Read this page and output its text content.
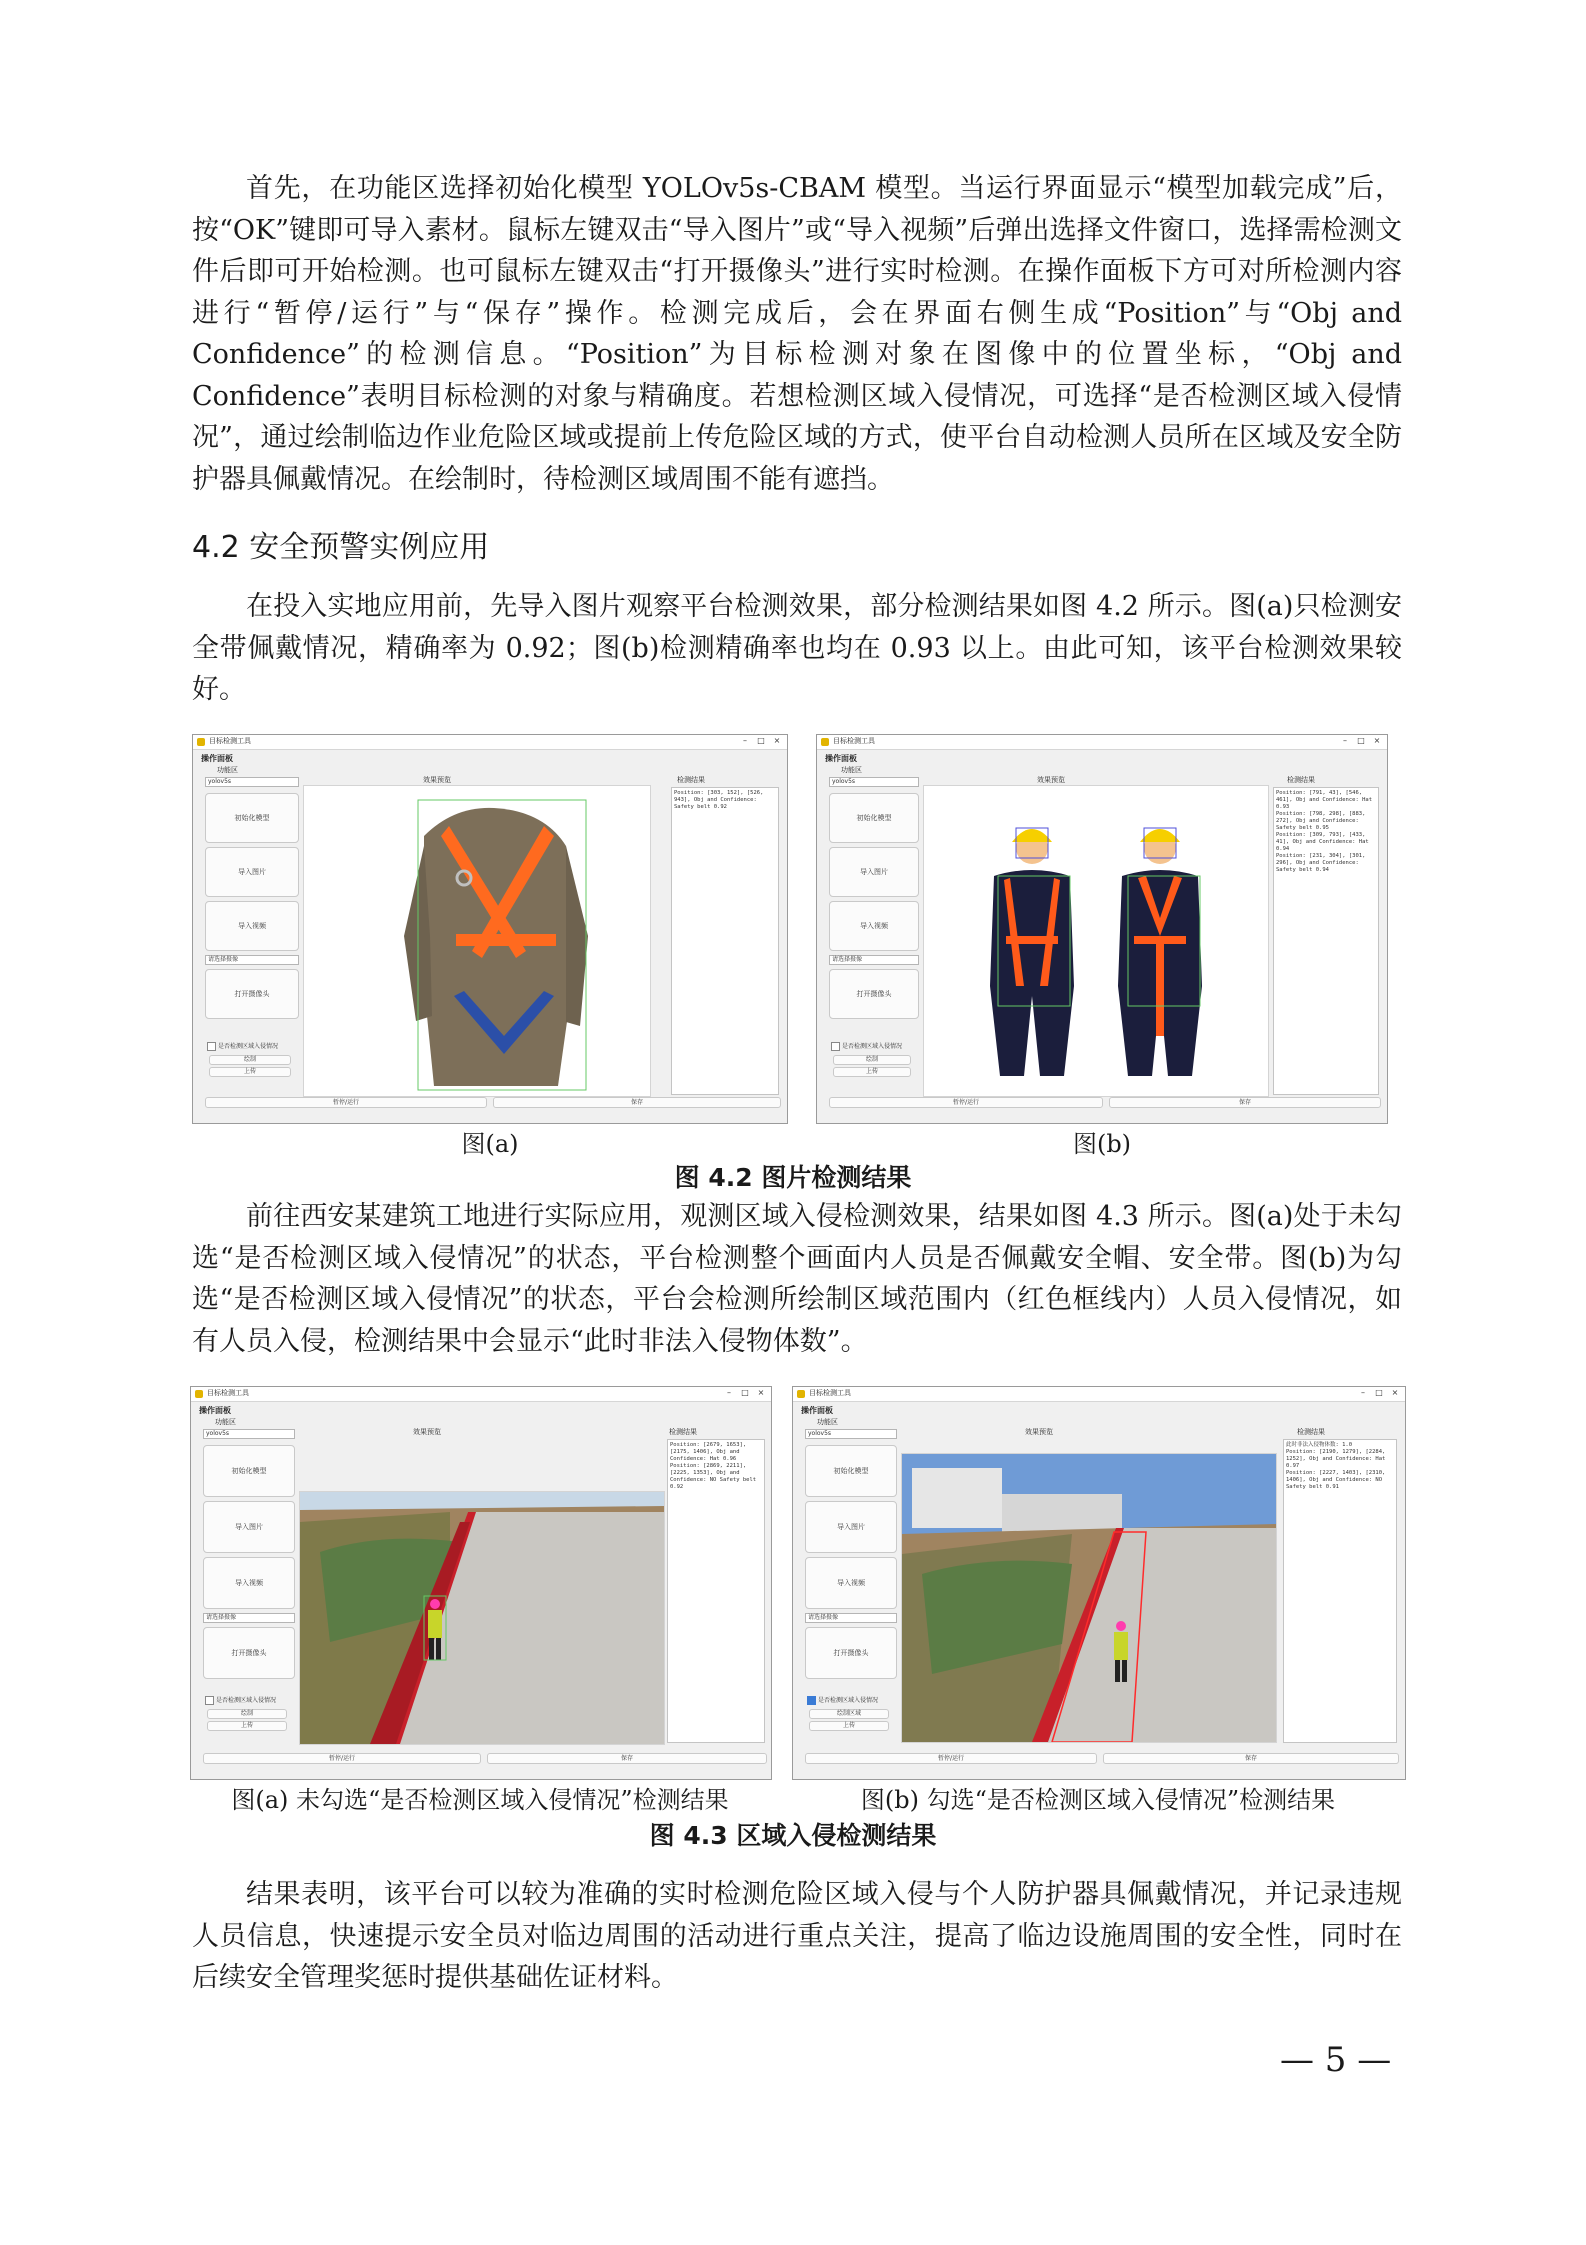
首先，在功能区选择初始化模型 YOLOv5s-CBAM 模型。当运行界面显示“模型加载完成”后，按“OK”键即可导入素材。鼠标左键双击“导入图片”或“导入视频”后弹出选择文件窗口，选择需检测文件后即可开始检测。也可鼠标左键双击“打开摄像头”进行实时检测。在操作面板下方可对所检测内容进行“暂停/运行”与“保存”操作。检测完成后，会在界面右侧生成“Position”与“Obj and Confidence”的检测信息。“Position”为目标检测对象在图像中的位置坐标，“Obj and Confidence”表明目标检测的对象与精确度。若想检测区域入侵情况，可选择“是否检测区域入侵情况”，通过绘制临边作业危险区域或提前上传危险区域的方式，使平台自动检测人员所在区域及安全防护器具佩戴情况。在绘制时，待检测区域周围不能有遮挡。
4.2 安全预警实例应用
在投入实地应用前，先导入图片观察平台检测效果，部分检测结果如图 4.2 所示。图(a)只检测安全带佩戴情况，精确率为 0.92；图(b)检测精确率也均在 0.93 以上。由此可知，该平台检测效果较好。
目标检测工具	–	□	×
操作面板
功能区
yolov5s
初始化模型
导入图片
导入视频
请选择摄像
打开摄像头
是否检测区域入侵情况
绘制
上传
效果预览	检测结果
Position: [303, 152], [526, 943], Obj and Confidence: Safety belt 0.92
暂停/运行	保存
目标检测工具	–	□	×
操作面板
功能区
yolov5s
初始化模型
导入图片
导入视频
请选择摄像
打开摄像头
是否检测区域入侵情况
绘制
上传
效果预览	检测结果
Position: [791, 43], [546, 461], Obj and Confidence: Hat 0.93
Position: [798, 298], [883, 272], Obj and Confidence: Safety belt 0.95
Position: [309, 793], [433, 41], Obj and Confidence: Hat 0.94
Position: [231, 304], [301, 296], Obj and Confidence: Safety belt 0.94
暂停/运行	保存
图(a)	图(b)
图 4.2 图片检测结果
前往西安某建筑工地进行实际应用，观测区域入侵检测效果，结果如图 4.3 所示。图(a)处于未勾选“是否检测区域入侵情况”的状态，平台检测整个画面内人员是否佩戴安全帽、安全带。图(b)为勾选“是否检测区域入侵情况”的状态，平台会检测所绘制区域范围内（红色框线内）人员入侵情况，如有人员入侵，检测结果中会显示“此时非法入侵物体数”。
目标检测工具	–	□	×
操作面板
功能区
yolov5s
初始化模型
导入图片
导入视频
请选择摄像
打开摄像头
是否检测区域入侵情况
绘制
上传
效果预览	检测结果
Position: [2679, 1653], [2175, 1406], Obj and Confidence: Hat 0.96
Position: [2869, 2211], [2225, 1353], Obj and Confidence: NO Safety belt 0.92
暂停/运行	保存
目标检测工具	–	□	×
操作面板
功能区
yolov5s
初始化模型
导入图片
导入视频
请选择摄像
打开摄像头
是否检测区域入侵情况
绘制区域
上传
效果预览	检测结果
此时非法入侵物体数: 1.0
Position: [2190, 1279], [2284, 1252], Obj and Confidence: Hat 0.97
Position: [2227, 1403], [2310, 1406], Obj and Confidence: NO Safety belt 0.91
暂停/运行	保存
图(a) 未勾选“是否检测区域入侵情况”检测结果	图(b) 勾选“是否检测区域入侵情况”检测结果
图 4.3 区域入侵检测结果
结果表明，该平台可以较为准确的实时检测危险区域入侵与个人防护器具佩戴情况，并记录违规人员信息，快速提示安全员对临边周围的活动进行重点关注，提高了临边设施周围的安全性，同时在后续安全管理奖惩时提供基础佐证材料。
— 5 —
